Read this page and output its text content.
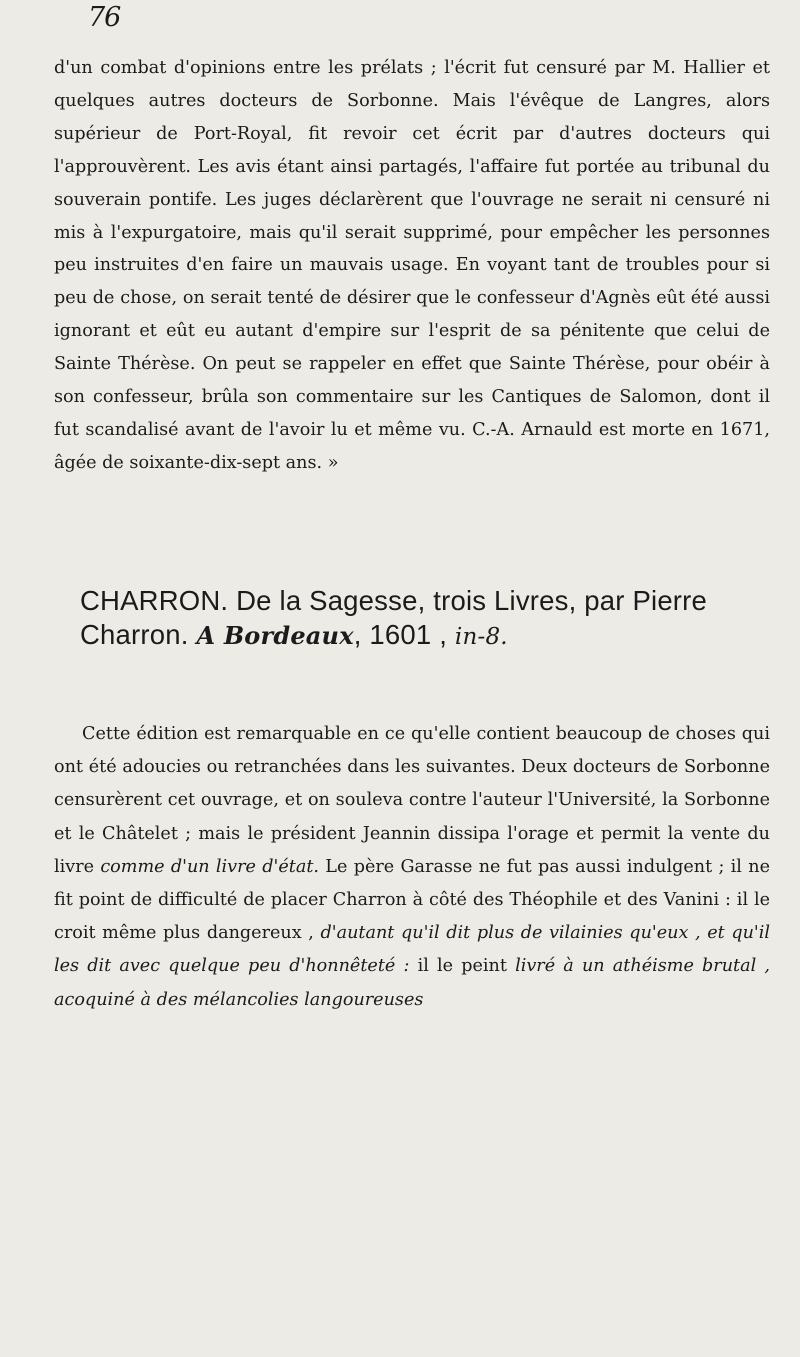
76

d'un combat d'opinions entre les prélats ; l'écrit fut censuré par M. Hallier et quelques autres docteurs de Sorbonne. Mais l'évêque de Langres, alors supérieur de Port-Royal, fit revoir cet écrit par d'autres docteurs qui l'approuvèrent. Les avis étant ainsi partagés, l'affaire fut portée au tribunal du souverain pontife. Les juges déclarèrent que l'ouvrage ne serait ni censuré ni mis à l'expurgatoire, mais qu'il serait supprimé, pour empêcher les personnes peu instruites d'en faire un mauvais usage. En voyant tant de troubles pour si peu de chose, on serait tenté de désirer que le confesseur d'Agnès eût été aussi ignorant et eût eu autant d'empire sur l'esprit de sa pénitente que celui de Sainte Thérèse. On peut se rappeler en effet que Sainte Thérèse, pour obéir à son confesseur, brûla son commentaire sur les Cantiques de Salomon, dont il fut scandalisé avant de l'avoir lu et même vu. C.-A. Arnauld est morte en 1671, âgée de soixante-dix-sept ans. »

CHARRON. De la Sagesse, trois Livres, par Pierre Charron. A Bordeaux, 1601 , in-8.

Cette édition est remarquable en ce qu'elle contient beaucoup de choses qui ont été adoucies ou retranchées dans les suivantes. Deux docteurs de Sorbonne censurèrent cet ouvrage, et on souleva contre l'auteur l'Université, la Sorbonne et le Châtelet ; mais le président Jeannin dissipa l'orage et permit la vente du livre comme d'un livre d'état. Le père Garasse ne fut pas aussi indulgent ; il ne fit point de difficulté de placer Charron à côté des Théophile et des Vanini : il le croit même plus dangereux , d'autant qu'il dit plus de vilainies qu'eux , et qu'il les dit avec quelque peu d'honnêteté : il le peint livré à un athéisme brutal , acoquiné à des mélancolies langoureuses
